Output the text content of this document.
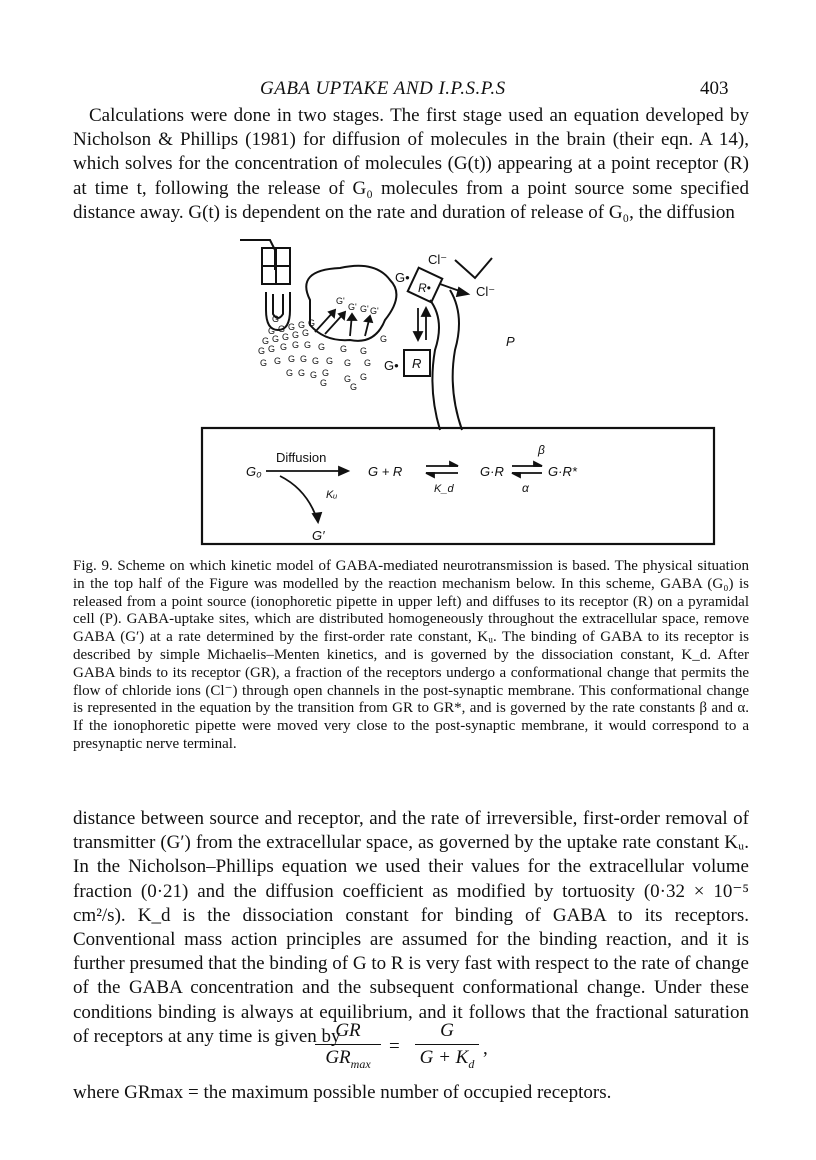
GABA UPTAKE AND I.P.S.P.S	403

Calculations were done in two stages. The first stage used an equation developed by Nicholson & Phillips (1981) for diffusion of molecules in the brain (their eqn. A 14), which solves for the concentration of molecules (G(t)) appearing at a point receptor (R) at time t, following the release of G₀ molecules from a point source some specified distance away. G(t) is dependent on the rate and duration of release of G₀, the diffusion

G
G G G G G
G G G G G
G G G G G G G G
G G G G G G G G
G G G G
G G
G	G
G'
G' G' G'
G
Cl⁻
Cl⁻
G•
R•
G• R
P
G₀
Diffusion
Kᵤ
G′
G + R
K_d
G·R
β
α
G·R*

Fig. 9. Scheme on which kinetic model of GABA-mediated neurotransmission is based. The physical situation in the top half of the Figure was modelled by the reaction mechanism below. In this scheme, GABA (G₀) is released from a point source (ionophoretic pipette in upper left) and diffuses to its receptor (R) on a pyramidal cell (P). GABA-uptake sites, which are distributed homogeneously throughout the extracellular space, remove GABA (G′) at a rate determined by the first-order rate constant, Kᵤ. The binding of GABA to its receptor is described by simple Michaelis–Menten kinetics, and is governed by the dissociation constant, K_d. After GABA binds to its receptor (GR), a fraction of the receptors undergo a conformational change that permits the flow of chloride ions (Cl⁻) through open channels in the post-synaptic membrane. This conformational change is represented in the equation by the transition from GR to GR*, and is governed by the rate constants β and α. If the ionophoretic pipette were moved very close to the post-synaptic membrane, it would correspond to a presynaptic nerve terminal.

distance between source and receptor, and the rate of irreversible, first-order removal of transmitter (G′) from the extracellular space, as governed by the uptake rate constant Kᵤ. In the Nicholson–Phillips equation we used their values for the extracellular volume fraction (0·21) and the diffusion coefficient as modified by tortuosity (0·32 × 10⁻⁵ cm²/s). K_d is the dissociation constant for binding of GABA to its receptors. Conventional mass action principles are assumed for the binding reaction, and it is further presumed that the binding of G to R is very fast with respect to the rate of change of the GABA concentration and the subsequent conformational change. Under these conditions binding is always at equilibrium, and it follows that the fractional saturation of receptors at any time is given by

GR
$GR_{max}$
=
G
$G + K_d$
,

where GRmax = the maximum possible number of occupied receptors.
